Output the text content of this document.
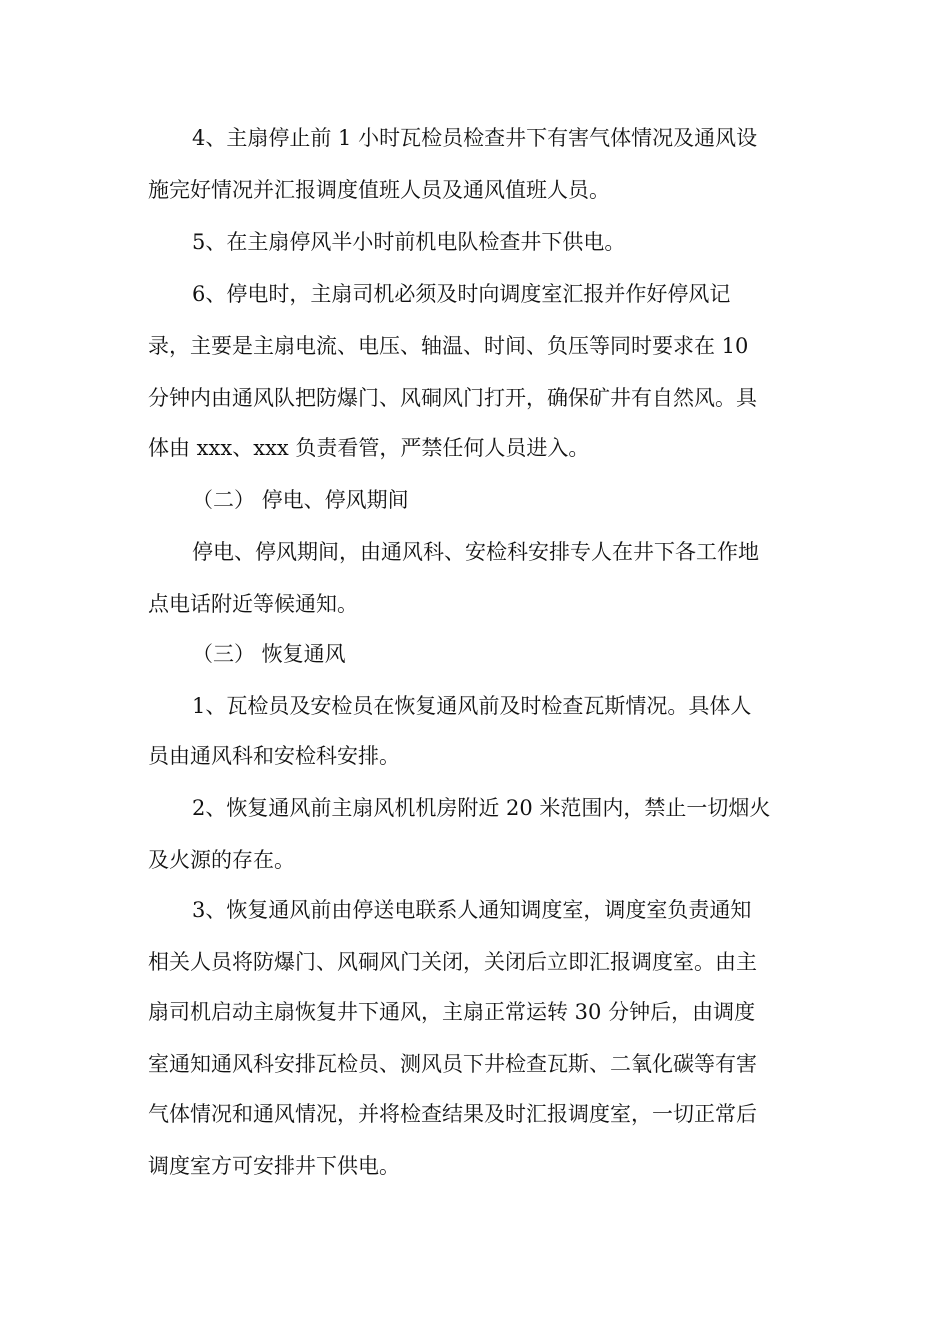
4、主扇停止前 1 小时瓦检员检查井下有害气体情况及通风设
施完好情况并汇报调度值班人员及通风值班人员。
5、在主扇停风半小时前机电队检查井下供电。
6、停电时，主扇司机必须及时向调度室汇报并作好停风记
录，主要是主扇电流、电压、轴温、时间、负压等同时要求在 10
分钟内由通风队把防爆门、风硐风门打开，确保矿井有自然风。具
体由 xxx、xxx 负责看管，严禁任何人员进入。
（二） 停电、停风期间
停电、停风期间，由通风科、安检科安排专人在井下各工作地
点电话附近等候通知。
（三） 恢复通风
1、瓦检员及安检员在恢复通风前及时检查瓦斯情况。具体人
员由通风科和安检科安排。
2、恢复通风前主扇风机机房附近 20 米范围内，禁止一切烟火
及火源的存在。
3、恢复通风前由停送电联系人通知调度室，调度室负责通知
相关人员将防爆门、风硐风门关闭，关闭后立即汇报调度室。由主
扇司机启动主扇恢复井下通风，主扇正常运转 30 分钟后，由调度
室通知通风科安排瓦检员、测风员下井检查瓦斯、二氧化碳等有害
气体情况和通风情况，并将检查结果及时汇报调度室，一切正常后
调度室方可安排井下供电。
